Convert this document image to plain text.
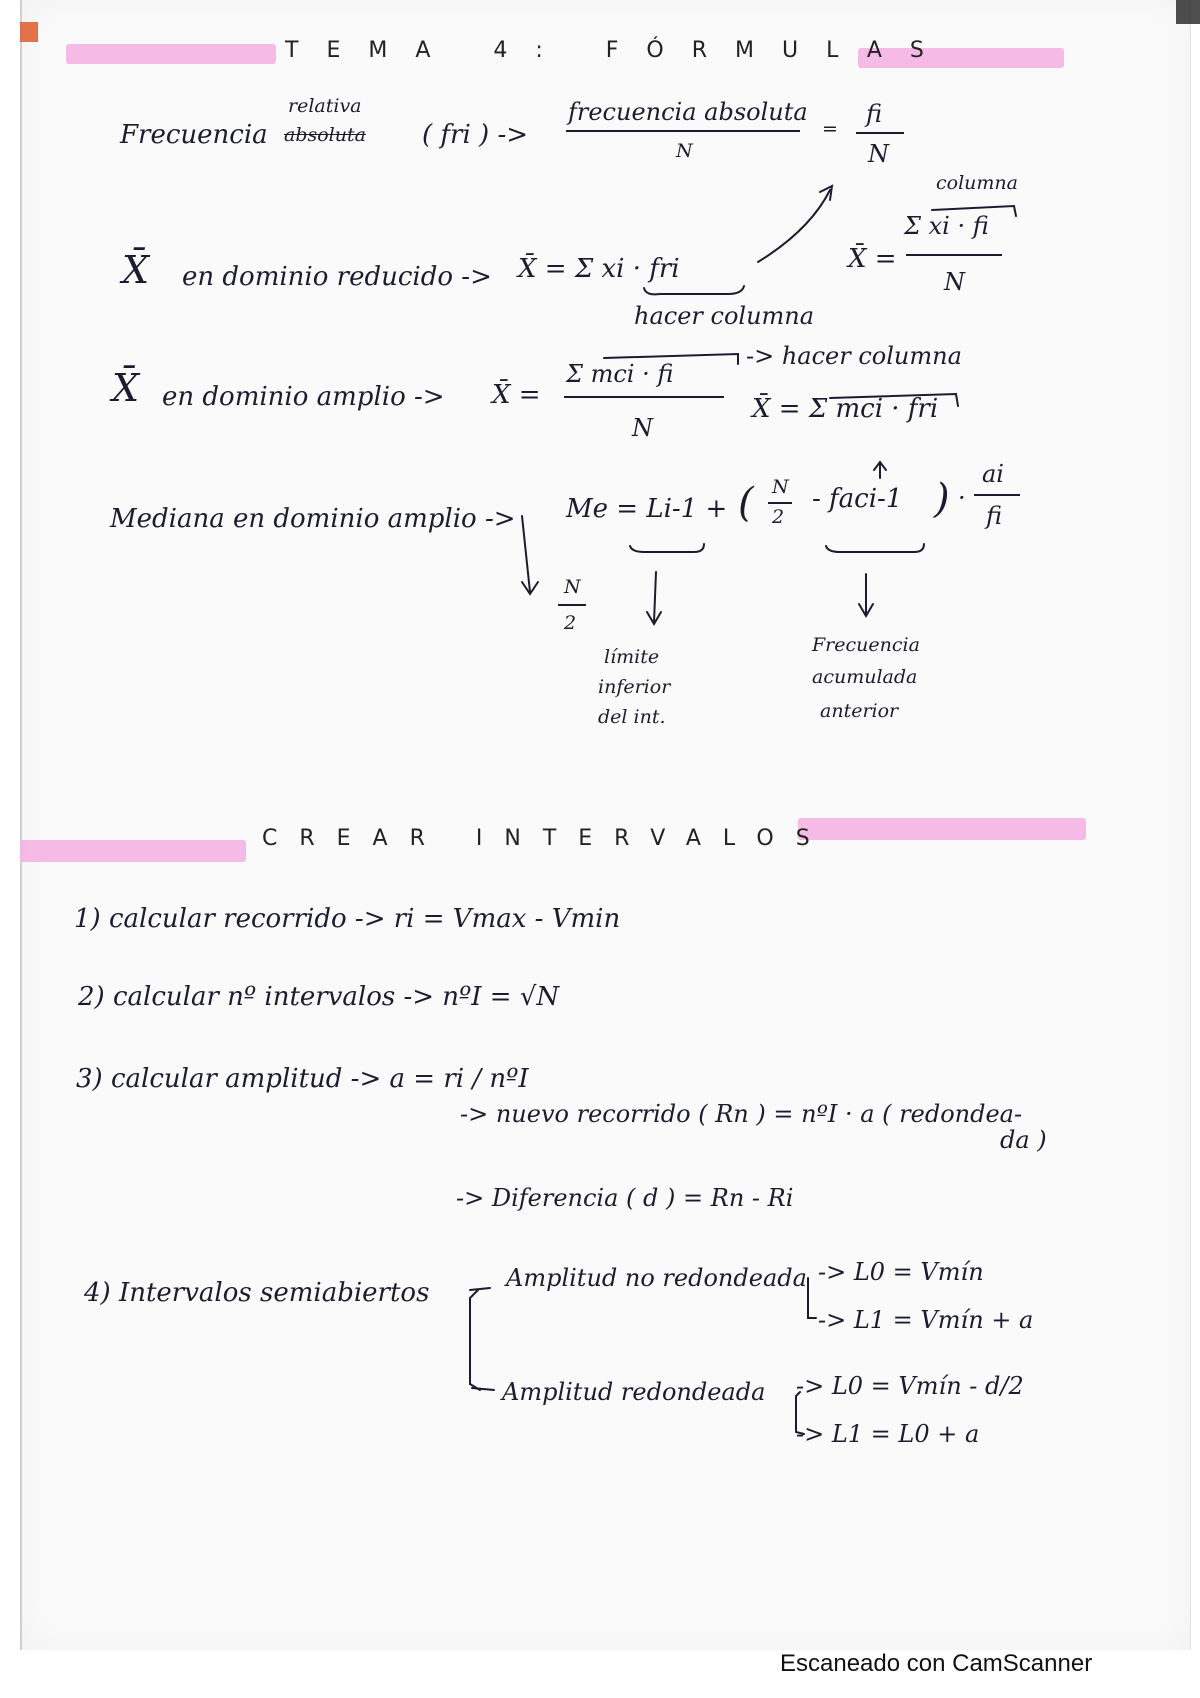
TEMA 4: FÓRMULAS
Frecuencia
relativa
absoluta ( fri ) ->
frecuencia absoluta
N
=
fi
N
X̄ en dominio reducido -> X̄ = Σ xi · fri
hacer columna
columna
X̄ =
Σ xi · fi
N
X̄ en dominio amplio -> X̄ =
Σ mci · fi
N
-> hacer columna
X̄ = Σ mci · fri
Mediana en dominio amplio -> Me = Li-1 + ( N
2
- faci-1 ) ·
ai
fi
N
2
límite
inferior
del int.
Frecuencia
acumulada
anterior
CREAR INTERVALOS
1) calcular recorrido -> ri = Vmax - Vmin
2) calcular nº intervalos -> nºI = √N
3) calcular amplitud -> a = ri / nºI
-> nuevo recorrido ( Rn ) = nºI · a ( redondea-
da )
-> Diferencia ( d ) = Rn - Ri
4) Intervalos semiabiertos	Amplitud no redondeada -> L0 = Vmín
-> L1 = Vmín + a
Amplitud redondeada -> L0 = Vmín - d/2
-> L1 = L0 + a
Escaneado con CamScanner
